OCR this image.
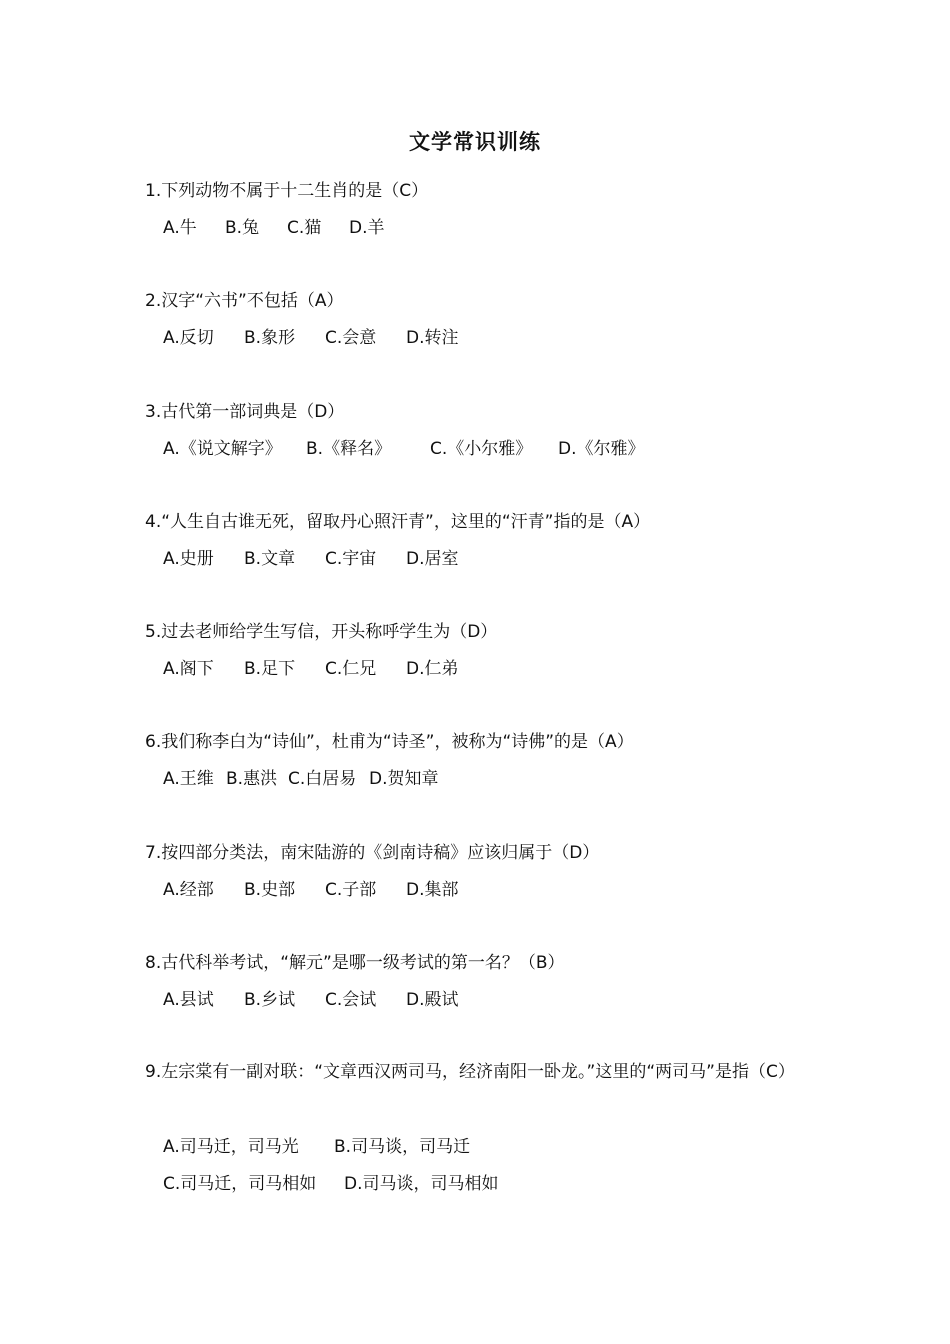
文学常识训练
1.下列动物不属于十二生肖的是（C）
A.牛 B.兔 C.猫 D.羊
2.汉字“六书”不包括（A）
A.反切 B.象形 C.会意 D.转注
3.古代第一部词典是（D）
A.《说文解字》 B.《释名》 C.《小尔雅》 D.《尔雅》
4.“人生自古谁无死，留取丹心照汗青”，这里的“汗青”指的是（A）
A.史册 B.文章 C.宇宙 D.居室
5.过去老师给学生写信，开头称呼学生为（D）
A.阁下 B.足下 C.仁兄 D.仁弟
6.我们称李白为“诗仙”，杜甫为“诗圣”，被称为“诗佛”的是（A）
A.王维 B.惠洪 C.白居易 D.贺知章
7.按四部分类法，南宋陆游的《剑南诗稿》应该归属于（D）
A.经部 B.史部 C.子部 D.集部
8.古代科举考试，“解元”是哪一级考试的第一名？（B）
A.县试 B.乡试 C.会试 D.殿试
9.左宗棠有一副对联：“文章西汉两司马，经济南阳一卧龙。”这里的“两司马”是指（C）
A.司马迁，司马光 B.司马谈，司马迁
C.司马迁，司马相如 D.司马谈，司马相如
